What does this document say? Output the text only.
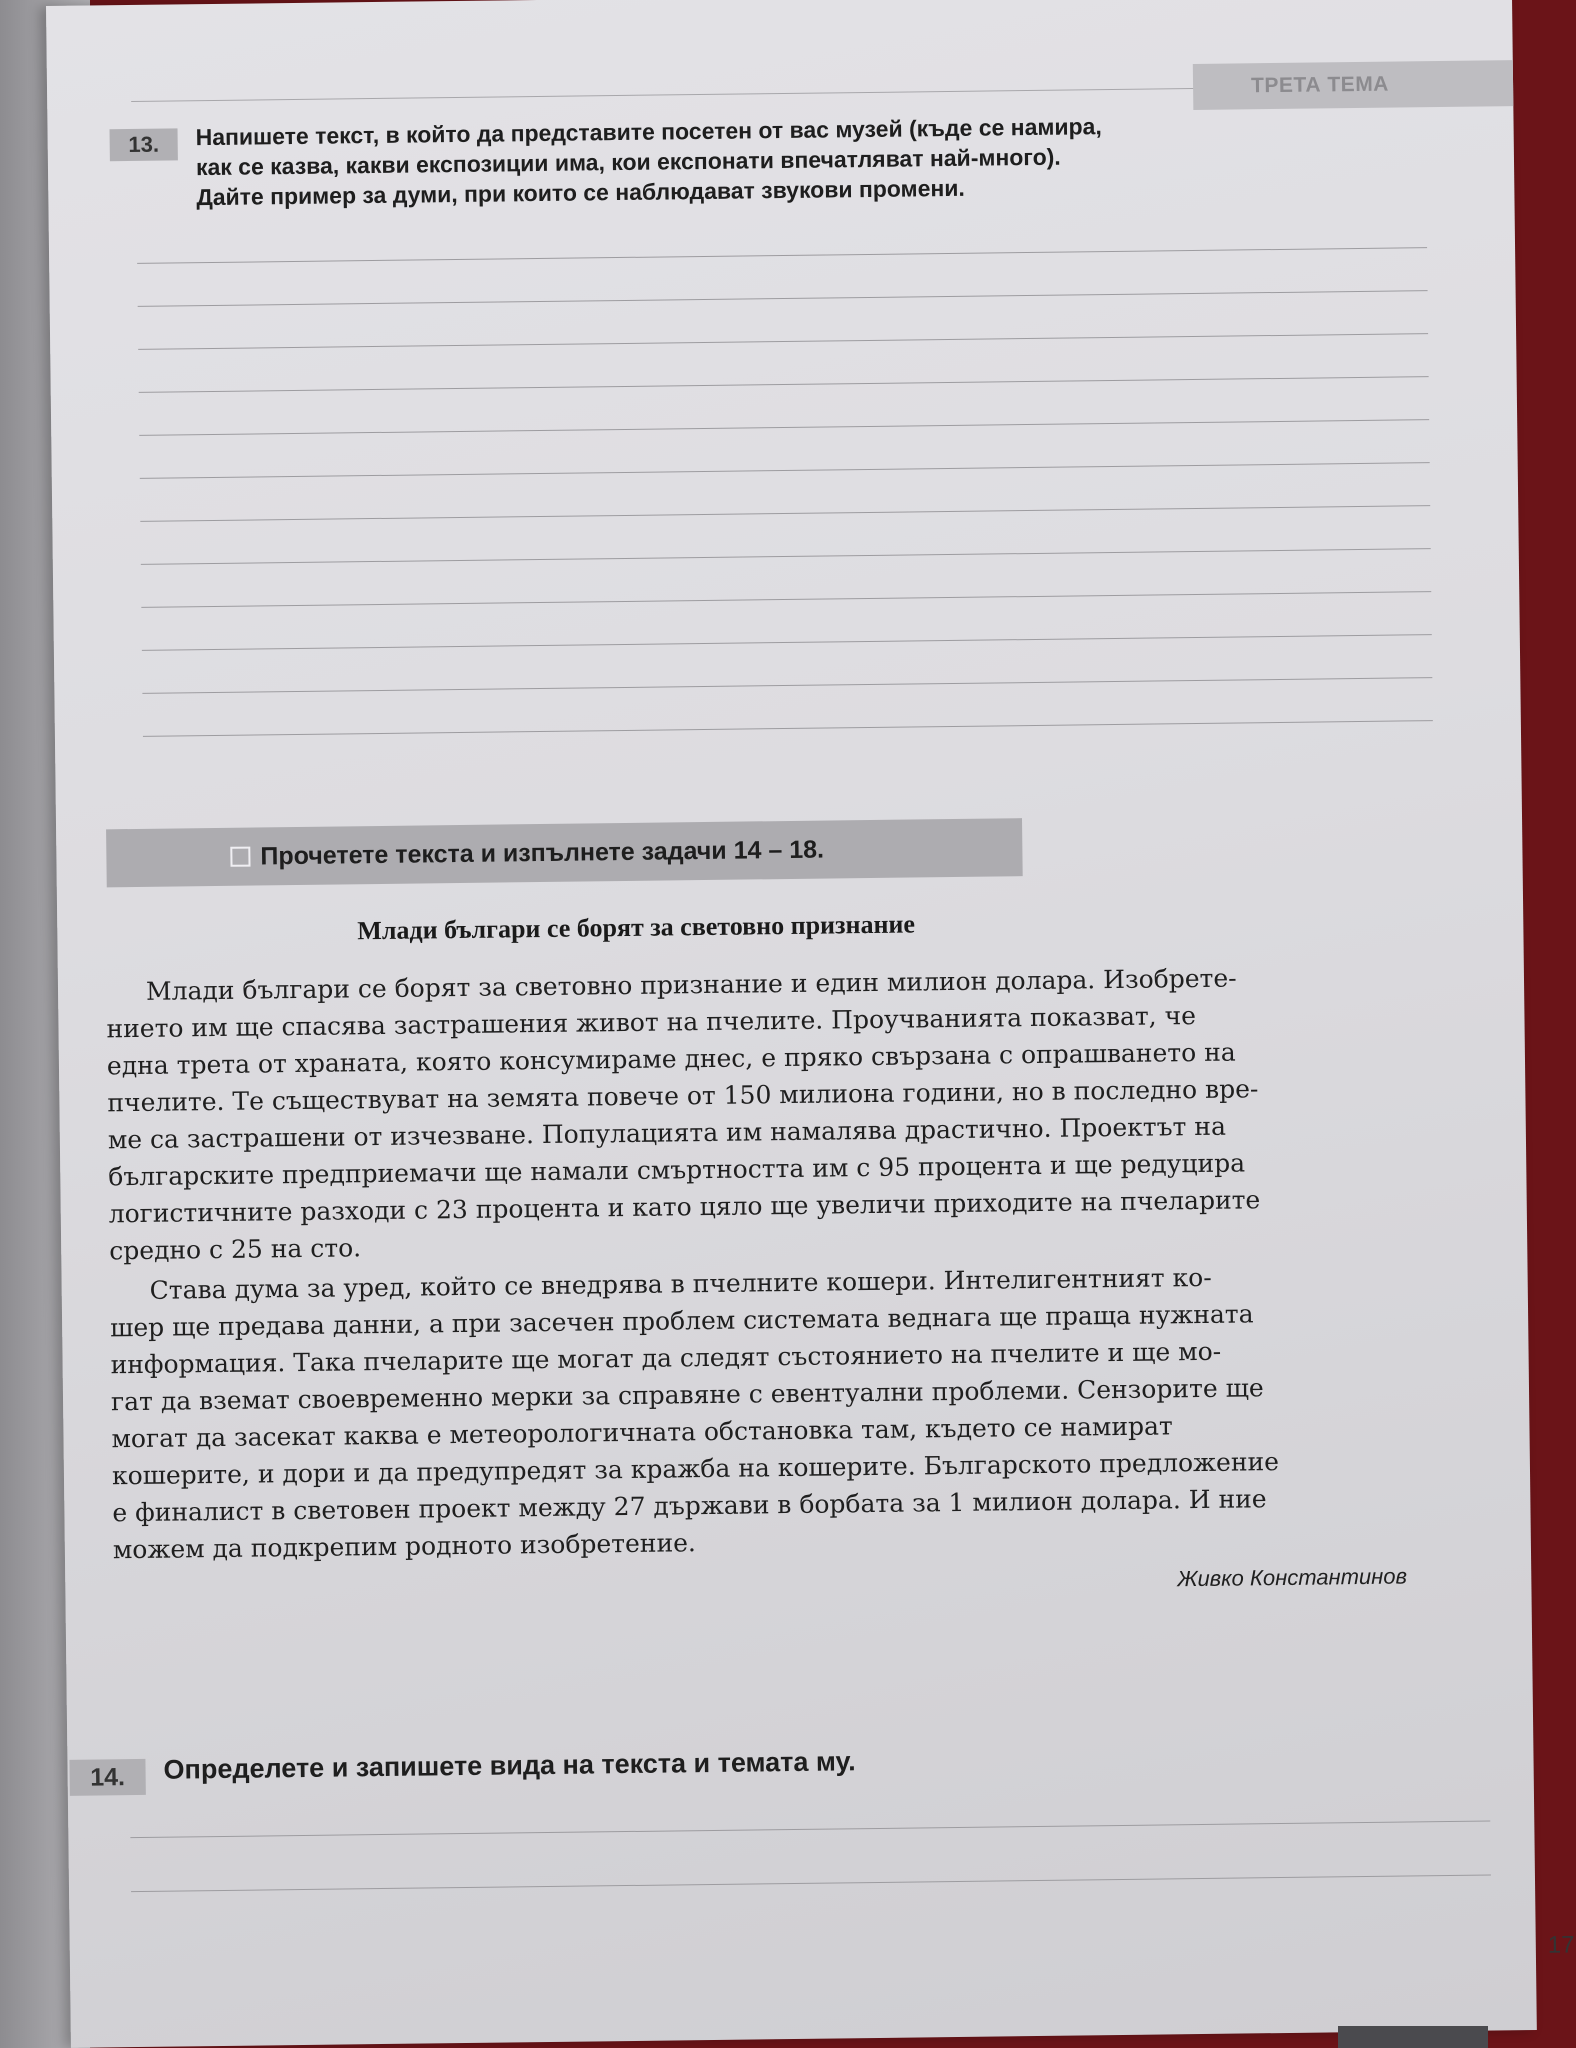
ТРЕТА ТЕМА
13.	Напишете текст, в който да представите посетен от вас музей (къде се намира,
как се казва, какви експозиции има, кои експонати впечатляват най-много).
Дайте пример за думи, при които се наблюдават звукови промени.

Прочетете текста и изпълнете задачи 14 – 18.
Млади българи се борят за световно признание

Млади българи се борят за световно признание и един милион долара. Изобрете-
нието им ще спасява застрашения живот на пчелите. Проучванията показват, че
една трета от храната, която консумираме днес, е пряко свързана с опрашването на
пчелите. Те съществуват на земята повече от 150 милиона години, но в последно вре-
ме са застрашени от изчезване. Популацията им намалява драстично. Проектът на
българските предприемачи ще намали смъртността им с 95 процента и ще редуцира
логистичните разходи с 23 процента и като цяло ще увеличи приходите на пчеларите
средно с 25 на сто.

Става дума за уред, който се внедрява в пчелните кошери. Интелигентният ко-
шер ще предава данни, а при засечен проблем системата веднага ще праща нужната
информация. Така пчеларите ще могат да следят състоянието на пчелите и ще мо-
гат да вземат своевременно мерки за справяне с евентуални проблеми. Сензорите ще
могат да засекат каква е метеорологичната обстановка там, където се намират
кошерите, и дори и да предупредят за кражба на кошерите. Българското предложение
е финалист в световен проект между 27 държави в борбата за 1 милион долара. И ние
можем да подкрепим родното изобретение.

Живко Константинов
14.	Определете и запишете вида на текста и темата му.
17
